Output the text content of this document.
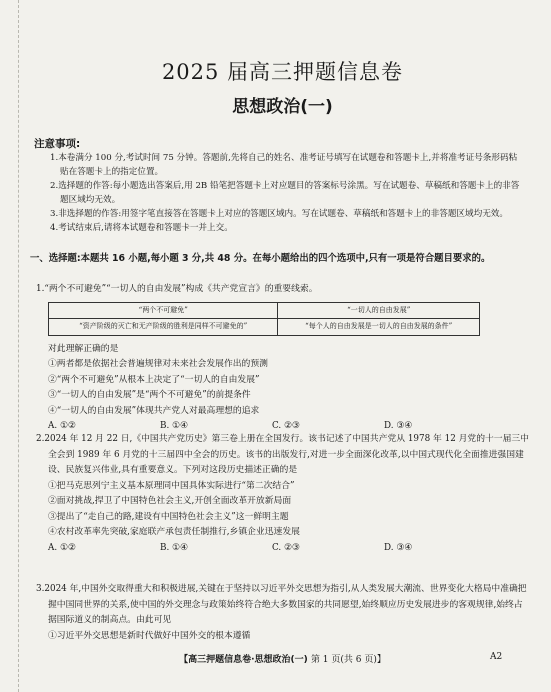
2025 届高三押题信息卷
思想政治(一)
注意事项:

1.本卷满分 100 分,考试时间 75 分钟。答题前,先将自己的姓名、准考证号填写在试题卷和答题卡上,并将准考证号条形码粘贴在答题卡上的指定位置。

2.选择题的作答:每小题选出答案后,用 2B 铅笔把答题卡上对应题目的答案标号涂黑。写在试题卷、草稿纸和答题卡上的非答题区域均无效。

3.非选择题的作答:用签字笔直接答在答题卡上对应的答题区域内。写在试题卷、草稿纸和答题卡上的非答题区域均无效。

4.考试结束后,请将本试题卷和答题卡一并上交。

一、选择题:本题共 16 小题,每小题 3 分,共 48 分。在每小题给出的四个选项中,只有一项是符合题目要求的。

1.“两个不可避免”“一切人的自由发展”构成《共产党宣言》的重要线索。

“两个不可避免”	“一切人的自由发展”
“资产阶级的灭亡和无产阶级的胜利是同样不可避免的”	“每个人的自由发展是一切人的自由发展的条件”

对此理解正确的是

①两者都是依据社会普遍规律对未来社会发展作出的预测

②“两个不可避免”从根本上决定了“一切人的自由发展”

③“一切人的自由发展”是“两个不可避免”的前提条件

④“一切人的自由发展”体现共产党人对最高理想的追求

A. ①②	B. ①④	C. ②③	D. ③④

2.2024 年 12 月 22 日,《中国共产党历史》第三卷上册在全国发行。该书记述了中国共产党从 1978 年 12 月党的十一届三中全会到 1989 年 6 月党的十三届四中全会的历史。该书的出版发行,对进一步全面深化改革,以中国式现代化全面推进强国建设、民族复兴伟业,具有重要意义。下列对这段历史描述正确的是

①把马克思列宁主义基本原理同中国具体实际进行“第二次结合”

②面对挑战,捍卫了中国特色社会主义,开创全面改革开放新局面

③提出了“走自己的路,建设有中国特色社会主义”这一鲜明主题

④农村改革率先突破,家庭联产承包责任制推行,乡镇企业迅速发展

A. ①②	B. ①④	C. ②③	D. ③④

3.2024 年,中国外交取得重大和积极进展,关键在于坚持以习近平外交思想为指引,从人类发展大潮流、世界变化大格局中准确把握中国同世界的关系,使中国的外交理念与政策始终符合绝大多数国家的共同愿望,始终顺应历史发展进步的客观规律,始终占据国际道义的制高点。由此可见

①习近平外交思想是新时代做好中国外交的根本遵循

【高三押题信息卷·思想政治(一) 第 1 页(共 6 页)】	A2
